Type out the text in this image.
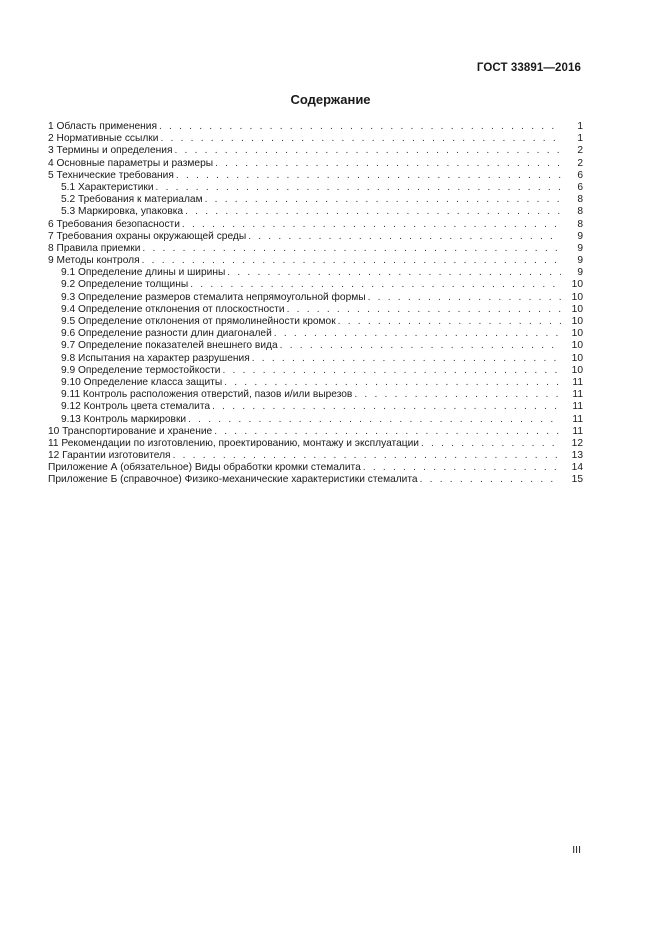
ГОСТ 33891—2016
Содержание
1 Область применения . . .	1
2 Нормативные ссылки . . .	1
3 Термины и определения . . .	2
4 Основные параметры и размеры . . .	2
5 Технические требования . . .	6
5.1 Характеристики . . .	6
5.2 Требования к материалам . . .	8
5.3 Маркировка, упаковка . . .	8
6 Требования безопасности . . .	8
7 Требования охраны окружающей среды . . .	9
8 Правила приемки . . .	9
9 Методы контроля . . .	9
9.1 Определение длины и ширины . . .	9
9.2 Определение толщины . . .	10
9.3 Определение размеров стемалита непрямоугольной формы . . .	10
9.4 Определение отклонения от плоскостности . . .	10
9.5 Определение отклонения от прямолинейности кромок . . .	10
9.6 Определение разности длин диагоналей . . .	10
9.7 Определение показателей внешнего вида . . .	10
9.8 Испытания на характер разрушения . . .	10
9.9 Определение термостойкости . . .	10
9.10 Определение класса защиты . . .	11
9.11 Контроль расположения отверстий, пазов и/или вырезов . . .	11
9.12 Контроль цвета стемалита . . .	11
9.13 Контроль маркировки . . .	11
10 Транспортирование и хранение . . .	11
11 Рекомендации по изготовлению, проектированию, монтажу и эксплуатации . . .	12
12 Гарантии изготовителя . . .	13
Приложение А (обязательное) Виды обработки кромки стемалита . . .	14
Приложение Б (справочное) Физико-механические характеристики стемалита . . .	15
III
